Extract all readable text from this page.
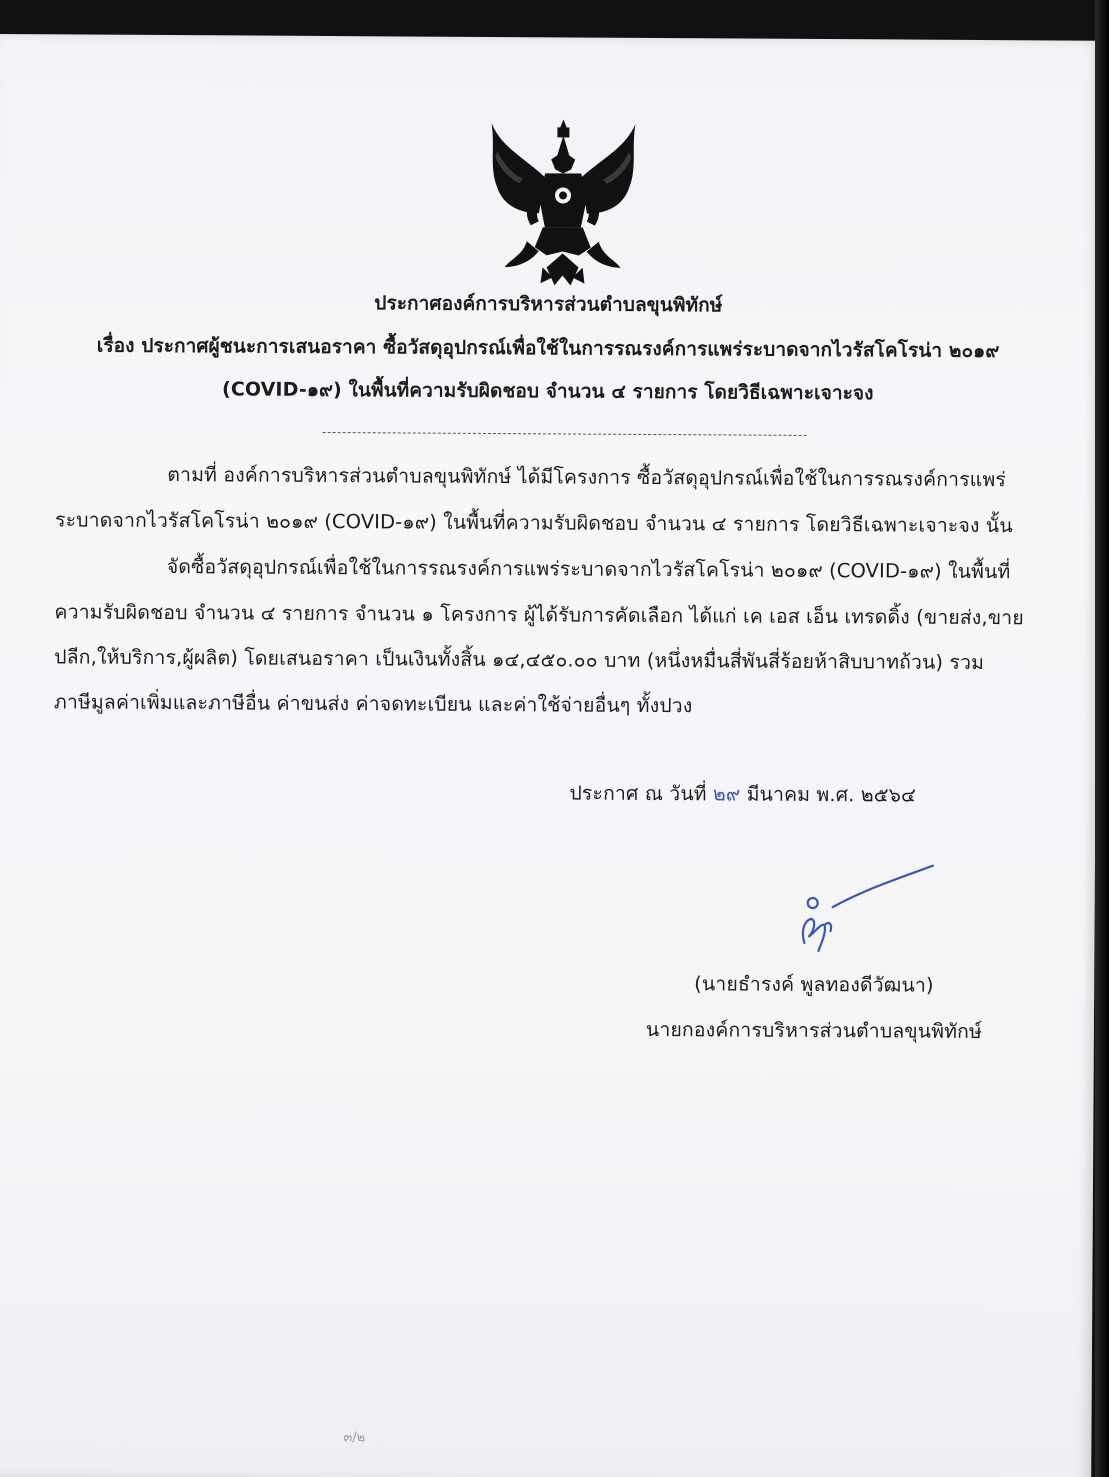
ประกาศองค์การบริหารส่วนตำบลขุนพิทักษ์
เรื่อง ประกาศผู้ชนะการเสนอราคา ซื้อวัสดุอุปกรณ์เพื่อใช้ในการรณรงค์การแพร่ระบาดจากไวรัสโคโรน่า ๒๐๑๙
(COVID-๑๙) ในพื้นที่ความรับผิดชอบ จำนวน ๔ รายการ โดยวิธีเฉพาะเจาะจง
ตามที่ องค์การบริหารส่วนตำบลขุนพิทักษ์ ได้มีโครงการ ซื้อวัสดุอุปกรณ์เพื่อใช้ในการรณรงค์การแพร่
ระบาดจากไวรัสโคโรน่า ๒๐๑๙ (COVID-๑๙) ในพื้นที่ความรับผิดชอบ จำนวน ๔ รายการ โดยวิธีเฉพาะเจาะจง นั้น
จัดซื้อวัสดุอุปกรณ์เพื่อใช้ในการรณรงค์การแพร่ระบาดจากไวรัสโคโรน่า ๒๐๑๙ (COVID-๑๙) ในพื้นที่
ความรับผิดชอบ จำนวน ๔ รายการ จำนวน ๑ โครงการ ผู้ได้รับการคัดเลือก ได้แก่ เค เอส เอ็น เทรดดิ้ง (ขายส่ง,ขาย
ปลีก,ให้บริการ,ผู้ผลิต) โดยเสนอราคา เป็นเงินทั้งสิ้น ๑๔,๔๕๐.๐๐ บาท (หนึ่งหมื่นสี่พันสี่ร้อยห้าสิบบาทถ้วน) รวม
ภาษีมูลค่าเพิ่มและภาษีอื่น ค่าขนส่ง ค่าจดทะเบียน และค่าใช้จ่ายอื่นๆ ทั้งปวง
ประกาศ ณ วันที่ ๒๙ มีนาคม พ.ศ. ๒๕๖๔
(นายธำรงค์ พูลทองดีวัฒนา)
นายกองค์การบริหารส่วนตำบลขุนพิทักษ์
๓/๒
